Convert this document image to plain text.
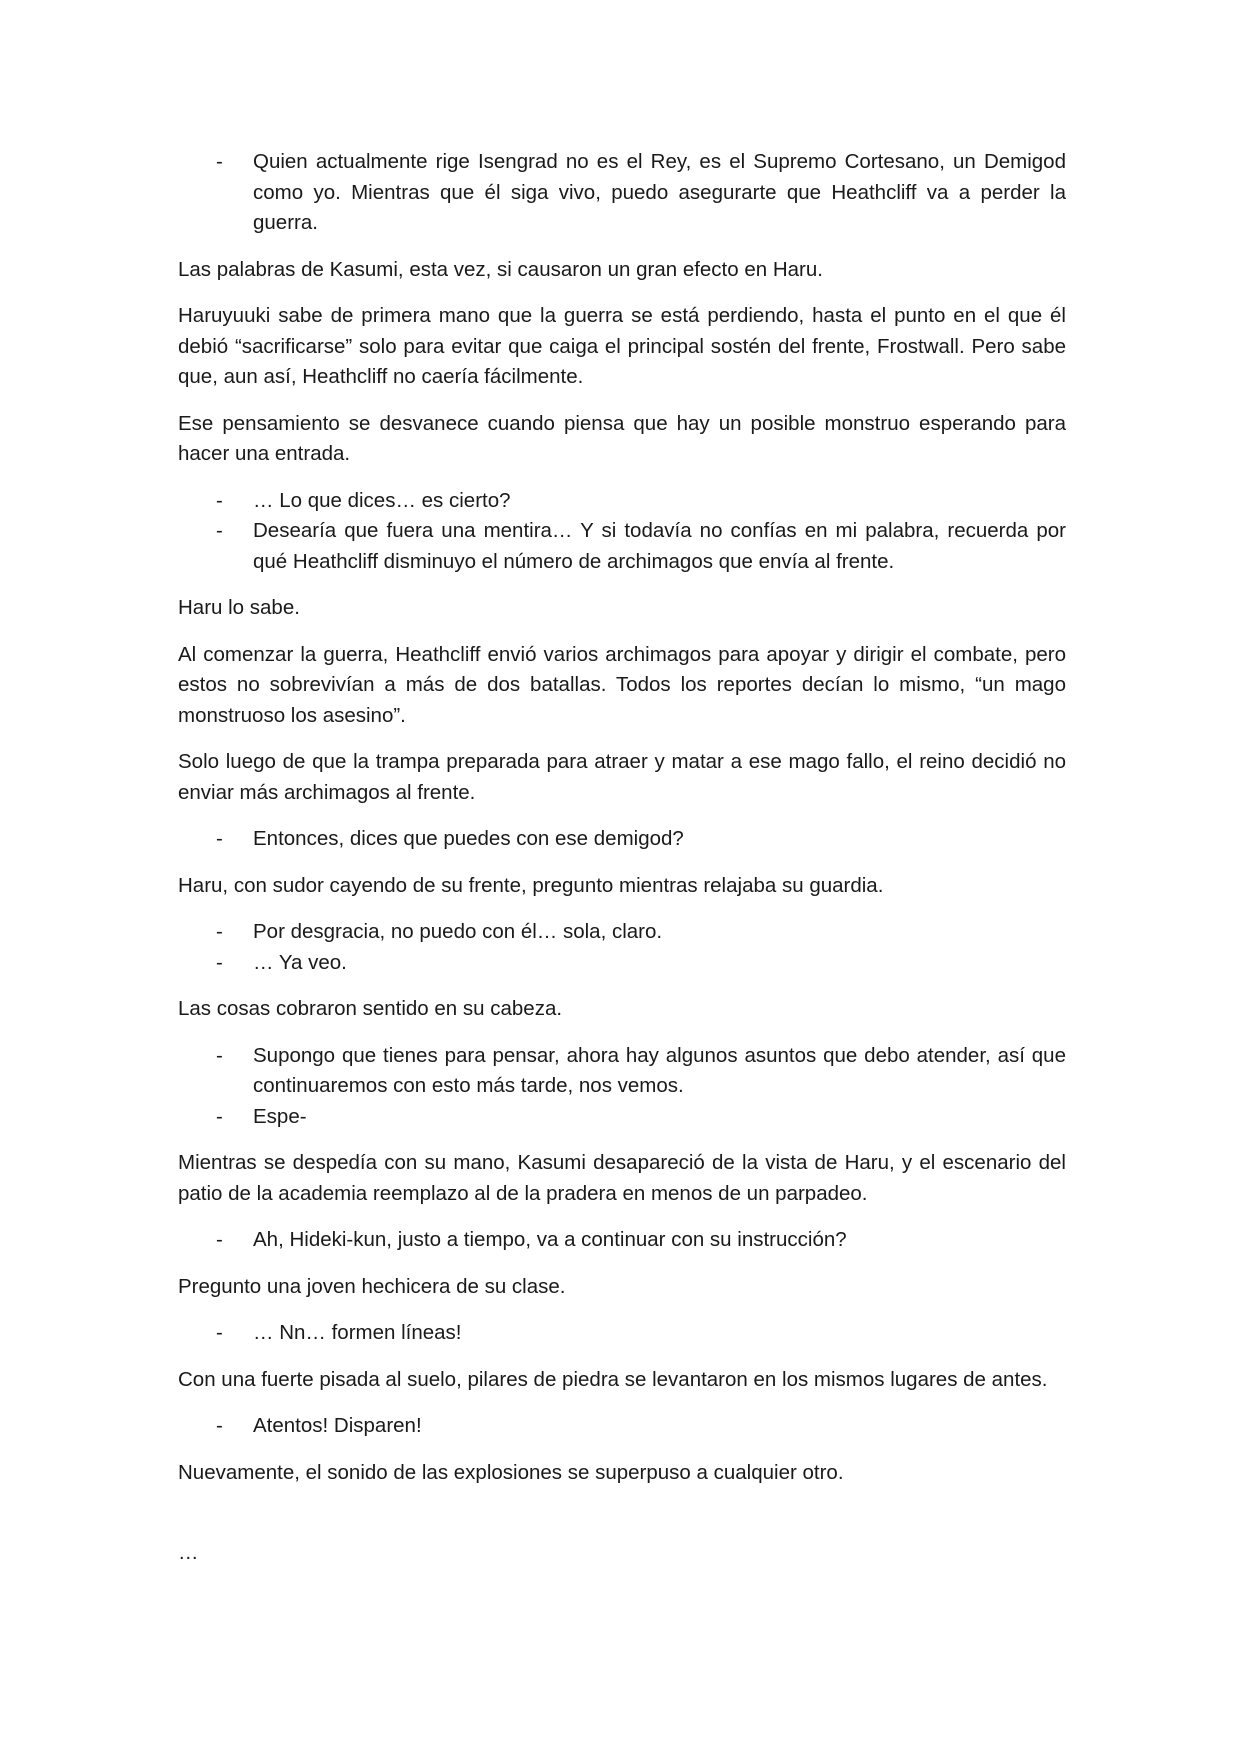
-	Quien actualmente rige Isengrad no es el Rey, es el Supremo Cortesano, un Demigod como yo. Mientras que él siga vivo, puedo asegurarte que Heathcliff va a perder la guerra.

Las palabras de Kasumi, esta vez, si causaron un gran efecto en Haru.

Haruyuuki sabe de primera mano que la guerra se está perdiendo, hasta el punto en el que él debió “sacrificarse” solo para evitar que caiga el principal sostén del frente, Frostwall. Pero sabe que, aun así, Heathcliff no caería fácilmente.

Ese pensamiento se desvanece cuando piensa que hay un posible monstruo esperando para hacer una entrada.

-	… Lo que dices… es cierto?
-	Desearía que fuera una mentira… Y si todavía no confías en mi palabra, recuerda por qué Heathcliff disminuyo el número de archimagos que envía al frente.

Haru lo sabe.

Al comenzar la guerra, Heathcliff envió varios archimagos para apoyar y dirigir el combate, pero estos no sobrevivían a más de dos batallas. Todos los reportes decían lo mismo, “un mago monstruoso los asesino”.

Solo luego de que la trampa preparada para atraer y matar a ese mago fallo, el reino decidió no enviar más archimagos al frente.

-	Entonces, dices que puedes con ese demigod?

Haru, con sudor cayendo de su frente, pregunto mientras relajaba su guardia.

-	Por desgracia, no puedo con él… sola, claro.
-	… Ya veo.

Las cosas cobraron sentido en su cabeza.

-	Supongo que tienes para pensar, ahora hay algunos asuntos que debo atender, así que continuaremos con esto más tarde, nos vemos.
-	Espe-

Mientras se despedía con su mano, Kasumi desapareció de la vista de Haru, y el escenario del patio de la academia reemplazo al de la pradera en menos de un parpadeo.

-	Ah, Hideki-kun, justo a tiempo, va a continuar con su instrucción?

Pregunto una joven hechicera de su clase.

-	… Nn… formen líneas!

Con una fuerte pisada al suelo, pilares de piedra se levantaron en los mismos lugares de antes.

-	Atentos! Disparen!

Nuevamente, el sonido de las explosiones se superpuso a cualquier otro.

…
